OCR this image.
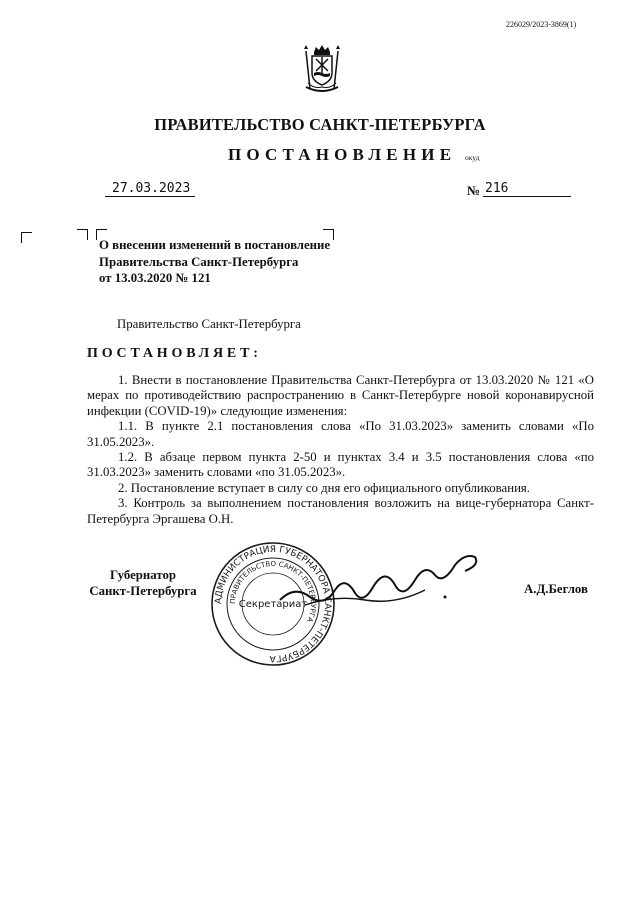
226029/2023-3869(1)
ПРАВИТЕЛЬСТВО САНКТ-ПЕТЕРБУРГА
ПОСТАНОВЛЕНИЕ окуд
27.03.2023	№ 216
О внесении изменений в постановление
Правительства Санкт-Петербурга
от 13.03.2020 № 121
Правительство Санкт-Петербурга
ПОСТАНОВЛЯЕТ:

1. Внести в постановление Правительства Санкт-Петербурга от 13.03.2020 № 121 «О мерах по противодействию распространению в Санкт-Петербурге новой коронавирусной инфекции (COVID-19)» следующие изменения:

1.1. В пункте 2.1 постановления слова «По 31.03.2023» заменить словами «По 31.05.2023».

1.2. В абзаце первом пункта 2-50 и пунктах 3.4 и 3.5 постановления слова «по 31.03.2023» заменить словами «по 31.05.2023».

2. Постановление вступает в силу со дня его официального опубликования.

3. Контроль за выполнением постановления возложить на вице-губернатора Санкт-Петербурга Эргашева О.Н.

Губернатор
Санкт-Петербурга
АДМИНИСТРАЦИЯ ГУБЕРНАТОРА САНКТ-ПЕТЕРБУРГА
ПРАВИТЕЛЬСТВО САНКТ-ПЕТЕРБУРГА
Секретариат
А.Д.Беглов
